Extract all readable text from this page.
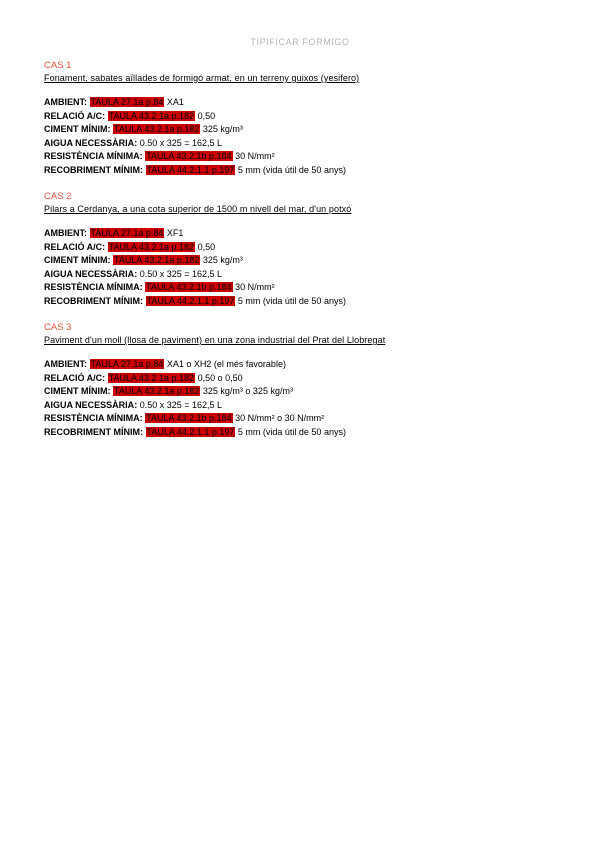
TIPIFICAR FORMIGO
CAS 1
Fonament, sabates aïllades de formigó armat, en un terreny guixos (yesifero)
AMBIENT: TAULA 27.1a p.84 XA1
RELACIÓ A/C: TAULA 43.2.1a p.182 0,50
CIMENT MÍNIM: TAULA 43.2.1a p.182 325 kg/m³
AIGUA NECESSÀRIA: 0.50 x 325 = 162,5 L
RESISTÈNCIA MÍNIMA: TAULA 43.2.1b p.184 30 N/mm²
RECOBRIMENT MÍNIM: TAULA 44.2.1.1 p.197 5 mm (vida útil de 50 anys)
CAS 2
Pilars a Cerdanya, a una cota superior de 1500 m nivell del mar, d'un potxó
AMBIENT: TAULA 27.1a p.84 XF1
RELACIÓ A/C: TAULA 43.2.1a p.182 0,50
CIMENT MÍNIM: TAULA 43.2.1a p.182 325 kg/m³
AIGUA NECESSÀRIA: 0.50 x 325 = 162,5 L
RESISTÈNCIA MÍNIMA: TAULA 43.2.1b p.184 30 N/mm²
RECOBRIMENT MÍNIM: TAULA 44.2.1.1 p.197 5 mm (vida útil de 50 anys)
CAS 3
Paviment d'un moll (llosa de paviment) en una zona industrial del Prat del Llobregat
AMBIENT: TAULA 27.1a p.84 XA1 o XH2 (el més favorable)
RELACIÓ A/C: TAULA 43.2.1a p.182 0,50 o 0,50
CIMENT MÍNIM: TAULA 43.2.1a p.182 325 kg/m³ o 325 kg/m³
AIGUA NECESSÀRIA: 0.50 x 325 = 162,5 L
RESISTÈNCIA MÍNIMA: TAULA 43.2.1b p.184 30 N/mm² o 30 N/mm²
RECOBRIMENT MÍNIM: TAULA 44.2.1.1 p.197 5 mm (vida útil de 50 anys)
